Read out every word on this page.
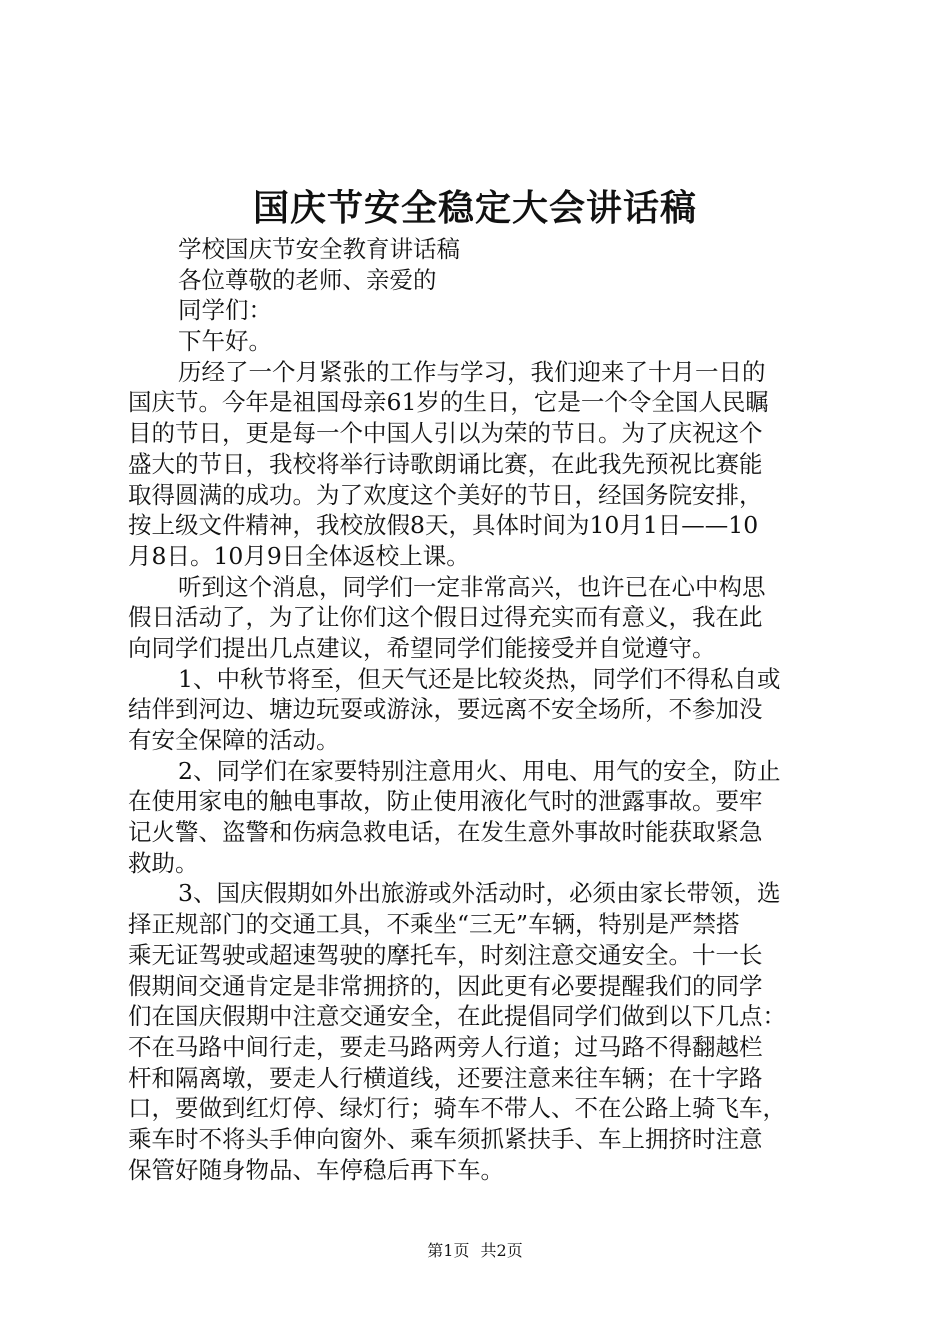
国庆节安全稳定大会讲话稿
学校国庆节安全教育讲话稿
各位尊敬的老师、亲爱的
同学们：
下午好。
历经了一个月紧张的工作与学习，我们迎来了十月一日的
国庆节。今年是祖国母亲61岁的生日，它是一个令全国人民瞩
目的节日，更是每一个中国人引以为荣的节日。为了庆祝这个
盛大的节日，我校将举行诗歌朗诵比赛，在此我先预祝比赛能
取得圆满的成功。为了欢度这个美好的节日，经国务院安排，
按上级文件精神，我校放假8天，具体时间为10月1日——10
月8日。10月9日全体返校上课。
听到这个消息，同学们一定非常高兴，也许已在心中构思
假日活动了，为了让你们这个假日过得充实而有意义，我在此
向同学们提出几点建议，希望同学们能接受并自觉遵守。
1、中秋节将至，但天气还是比较炎热，同学们不得私自或
结伴到河边、塘边玩耍或游泳，要远离不安全场所，不参加没
有安全保障的活动。
2、同学们在家要特别注意用火、用电、用气的安全，防止
在使用家电的触电事故，防止使用液化气时的泄露事故。要牢
记火警、盗警和伤病急救电话，在发生意外事故时能获取紧急
救助。
3、国庆假期如外出旅游或外活动时，必须由家长带领，选
择正规部门的交通工具，不乘坐“三无”车辆，特别是严禁搭
乘无证驾驶或超速驾驶的摩托车，时刻注意交通安全。十一长
假期间交通肯定是非常拥挤的，因此更有必要提醒我们的同学
们在国庆假期中注意交通安全，在此提倡同学们做到以下几点：
不在马路中间行走，要走马路两旁人行道；过马路不得翻越栏
杆和隔离墩，要走人行横道线，还要注意来往车辆；在十字路
口，要做到红灯停、绿灯行；骑车不带人、不在公路上骑飞车，
乘车时不将头手伸向窗外、乘车须抓紧扶手、车上拥挤时注意
保管好随身物品、车停稳后再下车。
第1页 共2页
